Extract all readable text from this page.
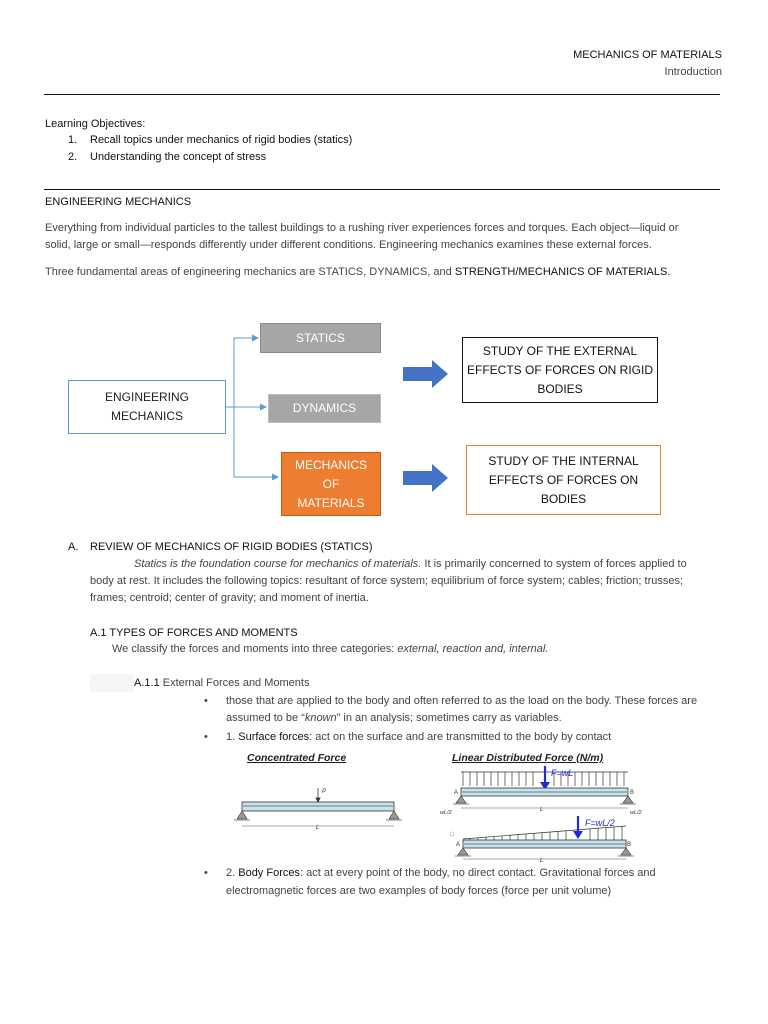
MECHANICS OF MATERIALS
Introduction
Learning Objectives:
1. Recall topics under mechanics of rigid bodies (statics)
2. Understanding the concept of stress
ENGINEERING MECHANICS
Everything from individual particles to the tallest buildings to a rushing river experiences forces and torques. Each object—liquid or
solid, large or small—responds differently under different conditions. Engineering mechanics examines these external forces.
Three fundamental areas of engineering mechanics are STATICS, DYNAMICS, and STRENGTH/MECHANICS OF MATERIALS.
ENGINEERING
MECHANICS
STATICS
DYNAMICS
MECHANICS
OF
MATERIALS
STUDY OF THE EXTERNAL
EFFECTS OF FORCES ON RIGID
BODIES
STUDY OF THE INTERNAL
EFFECTS OF FORCES ON
BODIES
A. REVIEW OF MECHANICS OF RIGID BODIES (STATICS)
Statics is the foundation course for mechanics of materials. It is primarily concerned to system of forces applied to
body at rest. It includes the following topics: resultant of force system; equilibrium of force system; cables; friction; trusses;
frames; centroid; center of gravity; and moment of inertia.
A.1 TYPES OF FORCES AND MOMENTS
We classify the forces and moments into three categories: external, reaction and, internal.
A.1.1 External Forces and Moments
• those that are applied to the body and often referred to as the load on the body. These forces are
assumed to be “known” in an analysis; sometimes carry as variables.
• 1. Surface forces: act on the surface and are transmitted to the body by contact
Concentrated Force
P
L
Linear Distributed Force (N/m)
F=wL
A	B
wL/2	wL/2
L
F=wL/2
A	B
L
• 2. Body Forces: act at every point of the body, no direct contact. Gravitational forces and
electromagnetic forces are two examples of body forces (force per unit volume)
